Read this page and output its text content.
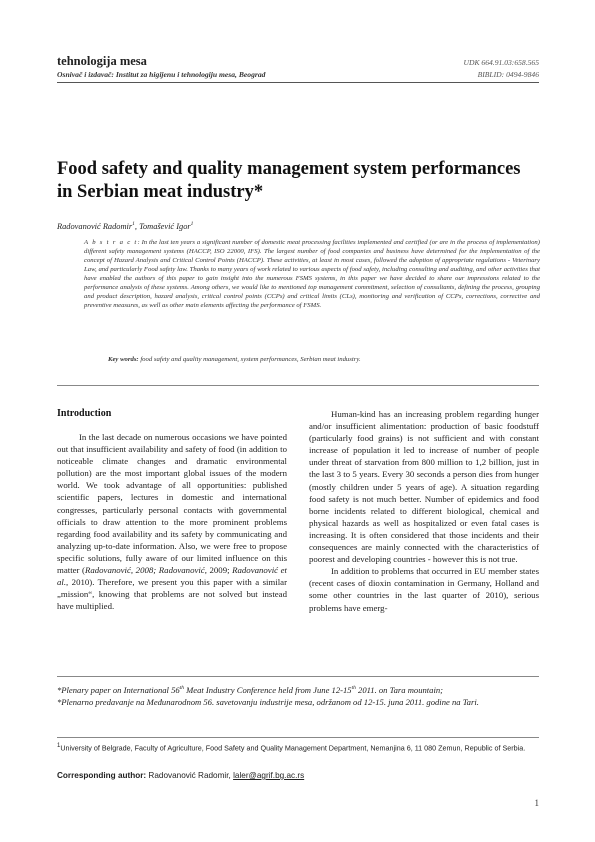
tehnologija mesa
Osnivač i izdavač: Institut za higijenu i tehnologiju mesa, Beograd
UDK 664.91.03:658.565
BIBLID: 0494-9846
Food safety and quality management system performances in Serbian meat industry*
Radovanović Radomir$^1$, Tomašević Igor$^1$
A b s t r a c t: In the last ten years a significant number of domestic meat processing facilities implemented and certified (or are in the process of implementation) different safety management systems (HACCP, ISO 22000, IFS). The largest number of food companies and business have determined for the implementation of the concept of Hazard Analysis and Critical Control Points (HACCP). These activities, at least in most cases, followed the adoption of appropriate regulations - Veterinary Law, and particularly Food safety law. Thanks to many years of work related to various aspects of food safety, including consulting and auditing, and other activities that have enabled the authors of this paper to gain insight into the numerous FSMS systems, in this paper we have decided to share our impressions related to the performance analysis of these systems. Among others, we would like to mentioned top management commitment, selection of consultants, defining the process, grouping and product description, hazard analysis, critical control points (CCPs) and critical limits (CLs), monitoring and verification of CCPs, corrections, corrective and preventive measures, as well as other main elements affecting the performance of FSMS.
Key words: food safety and quality management, system performances, Serbian meat industry.
Introduction

In the last decade on numerous occasions we have pointed out that insufficient availability and safety of food (in addition to noticeable climate changes and dramatic environmental pollution) are the most important global issues of the modern world. We took advantage of all opportunities: published scientific papers, lectures in domestic and international congresses, particularly personal contacts with governmental officials to draw attention to the more prominent problems regarding food availability and its safety by communicating and analyzing up-to-date information. Also, we were free to propose specific solutions, fully aware of our limited influence on this matter (Radovanović, 2008; Radovanović, 2009; Radovanović et al., 2010). Therefore, we present you this paper with a similar „mission“, knowing that problems are not solved but instead have multiplied.

Human-kind has an increasing problem regarding hunger and/or insufficient alimentation: production of basic foodstuff (particularly food grains) is not sufficient and with constant increase of population it led to increase of number of people under threat of starvation from 800 million to 1,2 billion, just in the last 3 to 5 years. Every 30 seconds a person dies from hunger (mostly children under 5 years of age). A situation regarding food safety is not much better. Number of epidemics and food borne incidents related to different biological, chemical and physical hazards as well as hospitalized or even fatal cases is increasing. It is often considered that those incidents and their consequences are mainly connected with the characteristics of poorest and developing countries - however this is not true.

In addition to problems that occurred in EU member states (recent cases of dioxin contamination in Germany, Holland and some other countries in the last quarter of 2010), serious problems have emerg-

*Plenary paper on International 56th Meat Industry Conference held from June 12-15th 2011. on Tara mountain;

*Plenarno predavanje na Međunarodnom 56. savetovanju industrije mesa, održanom od 12-15. juna 2011. godine na Tari.

$^1$University of Belgrade, Faculty of Agriculture, Food Safety and Quality Management Department, Nemanjina 6, 11 080 Zemun, Republic of Serbia.
Corresponding author: Radovanović Radomir, laler@agrif.bg.ac.rs
1
